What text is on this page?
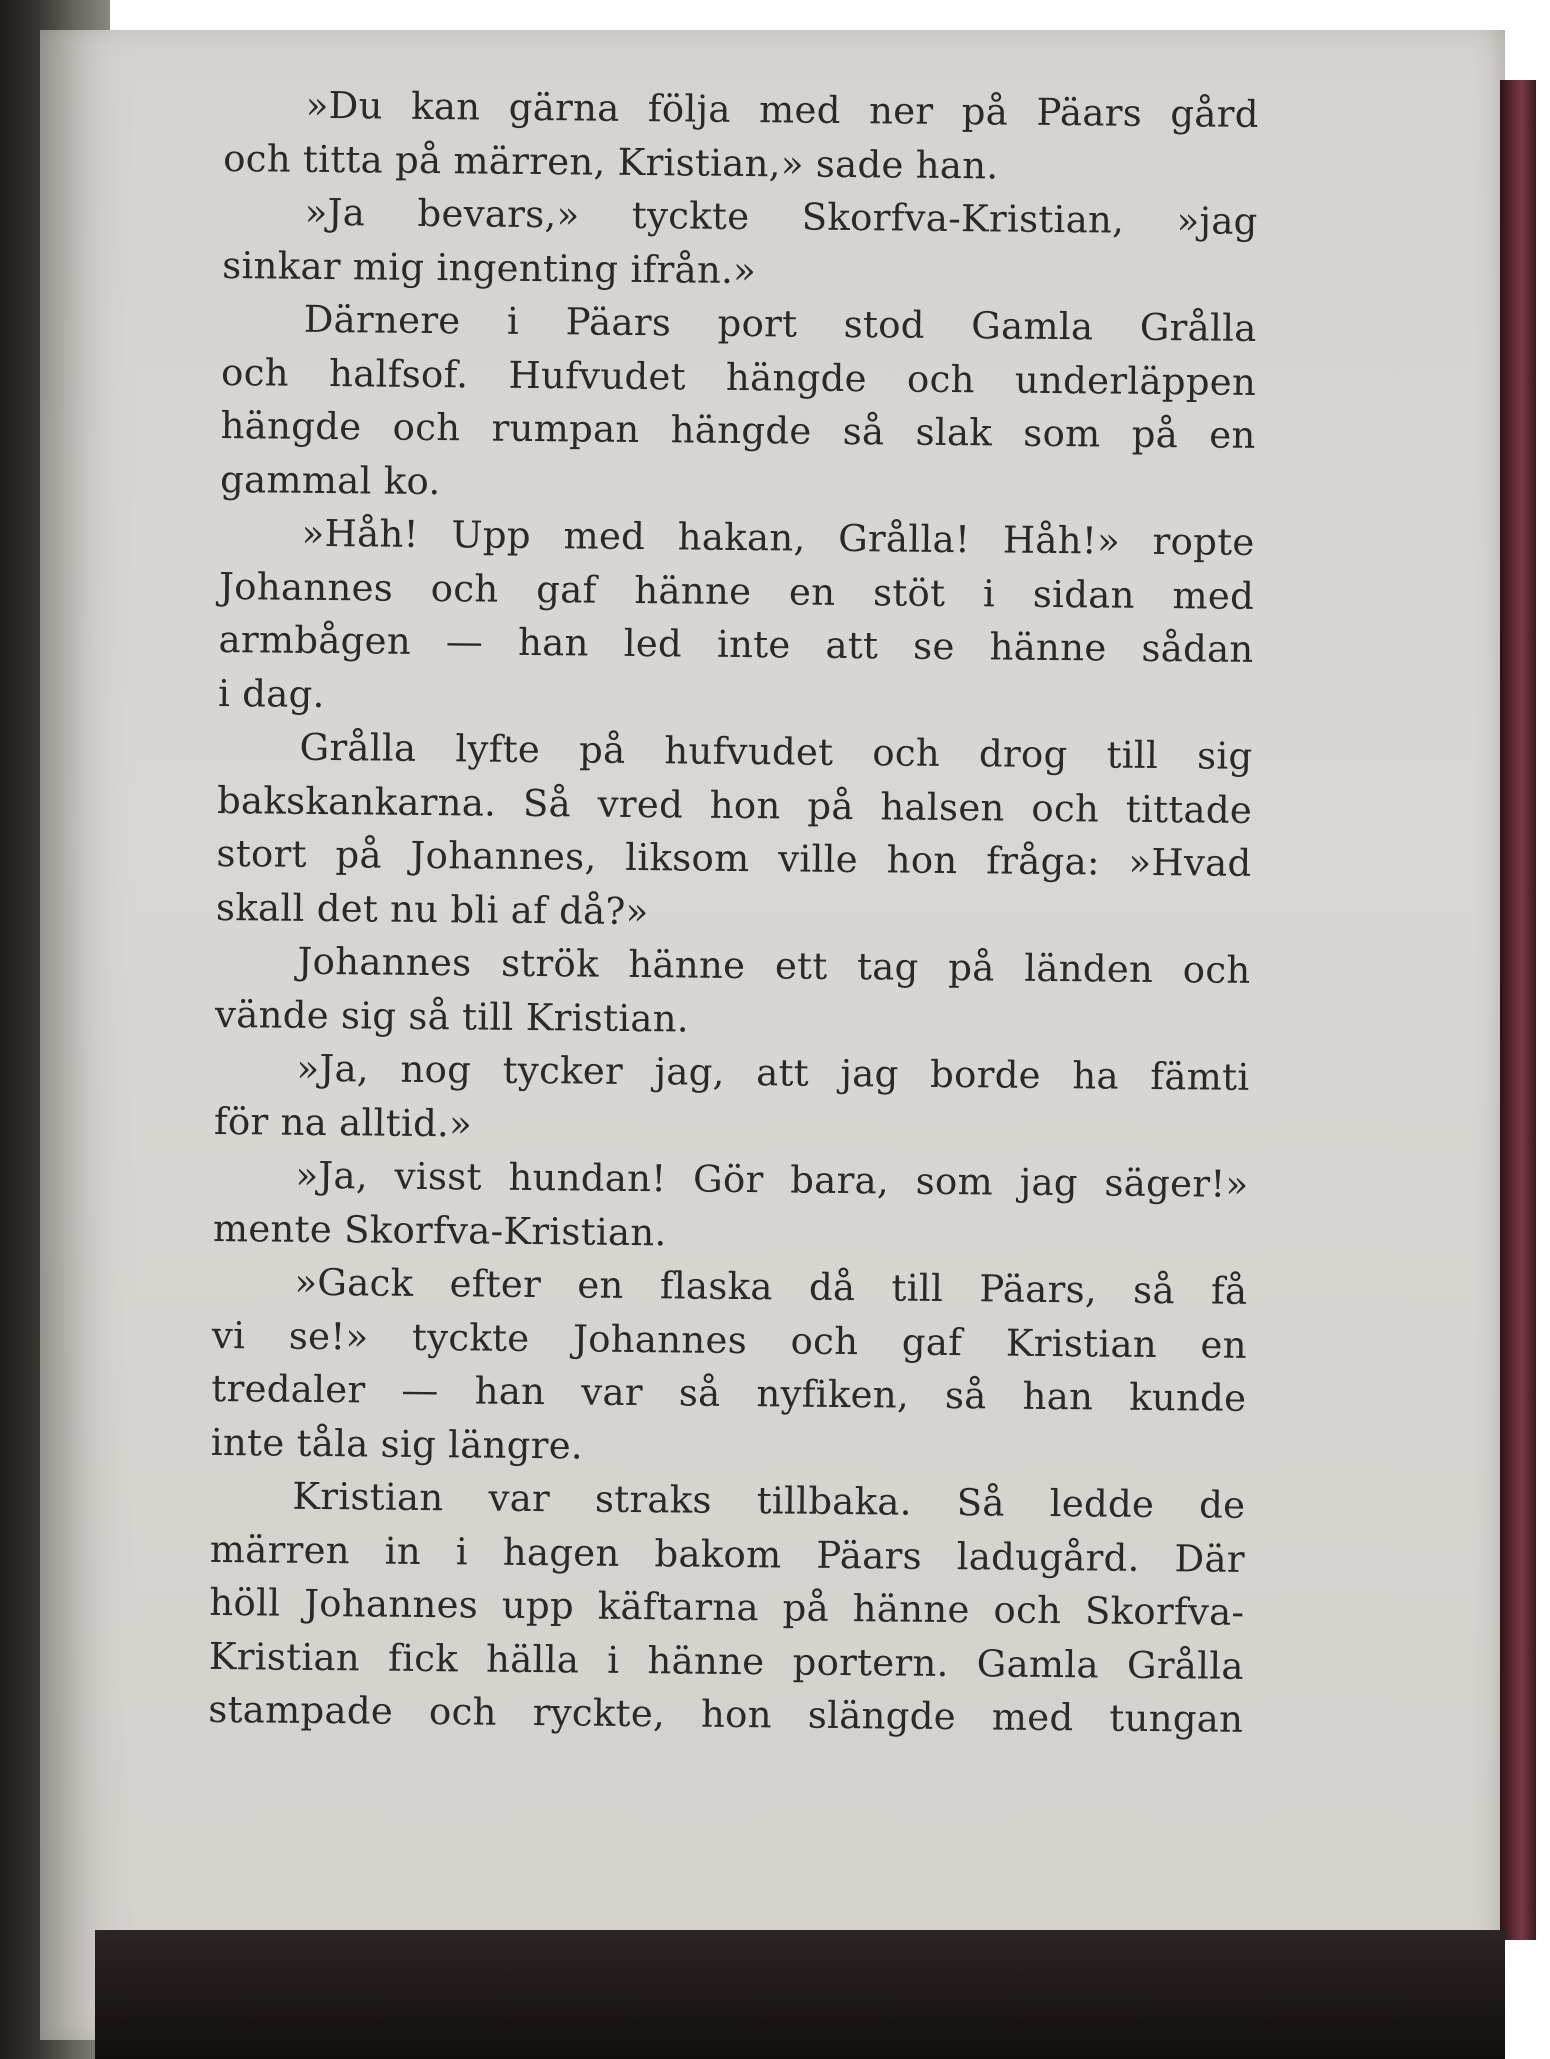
»Du kan gärna följa med ner på Päars gård
och titta på märren, Kristian,» sade han.
»Ja bevars,» tyckte Skorfva-Kristian, »jag
sinkar mig ingenting ifrån.»
Därnere i Päars port stod Gamla Grålla
och halfsof. Hufvudet hängde och underläppen
hängde och rumpan hängde så slak som på en
gammal ko.
»Håh! Upp med hakan, Grålla! Håh!» ropte
Johannes och gaf hänne en stöt i sidan med
armbågen — han led inte att se hänne sådan
i dag.
Grålla lyfte på hufvudet och drog till sig
bakskankarna. Så vred hon på halsen och tittade
stort på Johannes, liksom ville hon fråga: »Hvad
skall det nu bli af då?»
Johannes strök hänne ett tag på länden och
vände sig så till Kristian.
»Ja, nog tycker jag, att jag borde ha fämti
för na alltid.»
»Ja, visst hundan! Gör bara, som jag säger!»
mente Skorfva-Kristian.
»Gack efter en flaska då till Päars, så få
vi se!» tyckte Johannes och gaf Kristian en
tredaler — han var så nyfiken, så han kunde
inte tåla sig längre.
Kristian var straks tillbaka. Så ledde de
märren in i hagen bakom Päars ladugård. Där
höll Johannes upp käftarna på hänne och Skorfva-
Kristian fick hälla i hänne portern. Gamla Grålla
stampade och ryckte, hon slängde med tungan
